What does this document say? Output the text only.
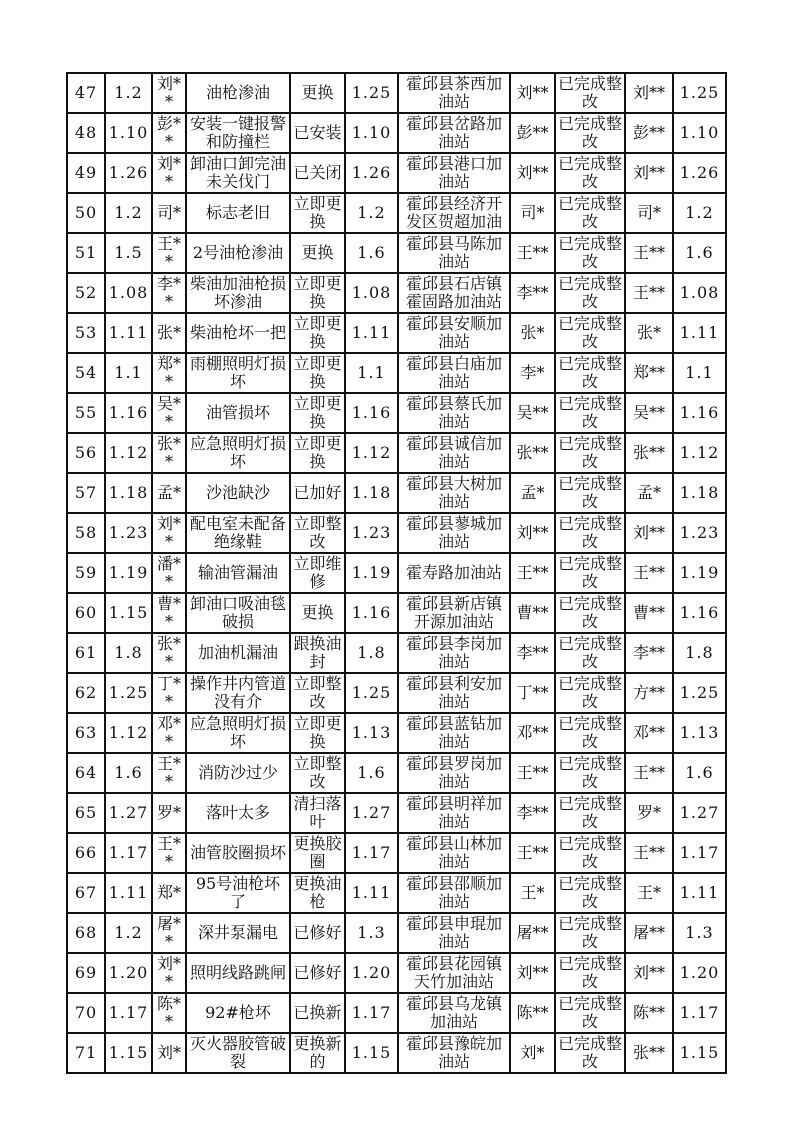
47	1.2	刘**	油枪渗油	更换	1.25	霍邱县茶西加油站	刘**	已完成整改	刘**	1.25
48	1.10	彭**	安装一键报警和防撞栏	已安装	1.10	霍邱县岔路加油站	彭**	已完成整改	彭**	1.10
49	1.26	刘**	卸油口卸完油未关伐门	已关闭	1.26	霍邱县港口加油站	刘**	已完成整改	刘**	1.26
50	1.2	司*	标志老旧	立即更换	1.2	霍邱县经济开发区贺超加油	司*	已完成整改	司*	1.2
51	1.5	王**	2号油枪渗油	更换	1.6	霍邱县马陈加油站	王**	已完成整改	王**	1.6
52	1.08	李**	柴油加油枪损坏渗油	立即更换	1.08	霍邱县石店镇霍固路加油站	李**	已完成整改	王**	1.08
53	1.11	张*	柴油枪坏一把	立即更换	1.11	霍邱县安顺加油站	张*	已完成整改	张*	1.11
54	1.1	郑**	雨棚照明灯损坏	立即更换	1.1	霍邱县白庙加油站	李*	已完成整改	郑**	1.1
55	1.16	吴**	油管损坏	立即更换	1.16	霍邱县蔡氏加油站	吴**	已完成整改	吴**	1.16
56	1.12	张**	应急照明灯损坏	立即更换	1.12	霍邱县诚信加油站	张**	已完成整改	张**	1.12
57	1.18	孟*	沙池缺沙	已加好	1.18	霍邱县大树加油站	孟*	已完成整改	孟*	1.18
58	1.23	刘**	配电室未配备绝缘鞋	立即整改	1.23	霍邱县蓼城加油站	刘**	已完成整改	刘**	1.23
59	1.19	潘**	输油管漏油	立即维修	1.19	霍寿路加油站	王**	已完成整改	王**	1.19
60	1.15	曹**	卸油口吸油毯破损	更换	1.16	霍邱县新店镇开源加油站	曹**	已完成整改	曹**	1.16
61	1.8	张**	加油机漏油	跟换油封	1.8	霍邱县李岗加油站	李**	已完成整改	李**	1.8
62	1.25	丁**	操作井内管道没有介	立即整改	1.25	霍邱县利安加油站	丁**	已完成整改	方**	1.25
63	1.12	邓**	应急照明灯损坏	立即更换	1.13	霍邱县蓝钻加油站	邓**	已完成整改	邓**	1.13
64	1.6	王**	消防沙过少	立即整改	1.6	霍邱县罗岗加油站	王**	已完成整改	王**	1.6
65	1.27	罗*	落叶太多	清扫落叶	1.27	霍邱县明祥加油站	李**	已完成整改	罗*	1.27
66	1.17	王**	油管胶圈损坏	更换胶圈	1.17	霍邱县山林加油站	王**	已完成整改	王**	1.17
67	1.11	郑*	95号油枪坏了	更换油枪	1.11	霍邱县邵顺加油站	王*	已完成整改	王*	1.11
68	1.2	屠**	深井泵漏电	已修好	1.3	霍邱县申琨加油站	屠**	已完成整改	屠**	1.3
69	1.20	刘**	照明线路跳闸	已修好	1.20	霍邱县花园镇天竹加油站	刘**	已完成整改	刘**	1.20
70	1.17	陈**	92#枪坏	已换新	1.17	霍邱县乌龙镇加油站	陈**	已完成整改	陈**	1.17
71	1.15	刘*	灭火器胶管破裂	更换新的	1.15	霍邱县豫皖加油站	刘*	已完成整改	张**	1.15
